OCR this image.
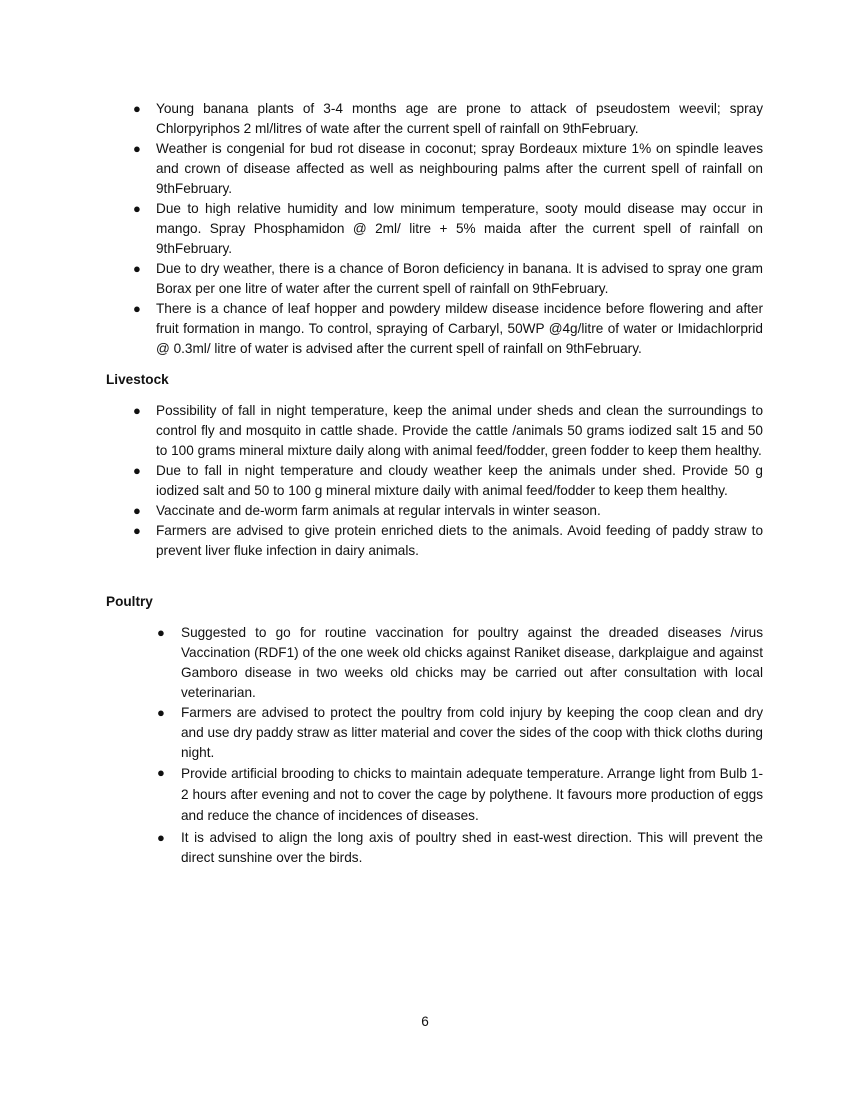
● Young banana plants of 3-4 months age are prone to attack of pseudostem weevil; spray Chlorpyriphos 2 ml/litres of wate after the current spell of rainfall on 9thFebruary.
● Weather is congenial for bud rot disease in coconut; spray Bordeaux mixture 1% on spindle leaves and crown of disease affected as well as neighbouring palms after the current spell of rainfall on 9thFebruary.
● Due to high relative humidity and low minimum temperature, sooty mould disease may occur in mango. Spray Phosphamidon @ 2ml/ litre + 5% maida after the current spell of rainfall on 9thFebruary.
● Due to dry weather, there is a chance of Boron deficiency in banana. It is advised to spray one gram Borax per one litre of water after the current spell of rainfall on 9thFebruary.
● There is a chance of leaf hopper and powdery mildew disease incidence before flowering and after fruit formation in mango. To control, spraying of Carbaryl, 50WP @4g/litre of water or Imidachlorprid @ 0.3ml/ litre of water is advised after the current spell of rainfall on 9thFebruary.
Livestock
● Possibility of fall in night temperature, keep the animal under sheds and clean the surroundings to control fly and mosquito in cattle shade. Provide the cattle /animals 50 grams iodized salt 15 and 50 to 100 grams mineral mixture daily along with animal feed/fodder, green fodder to keep them healthy.
● Due to fall in night temperature and cloudy weather keep the animals under shed. Provide 50 g iodized salt and 50 to 100 g mineral mixture daily with animal feed/fodder to keep them healthy.
● Vaccinate and de-worm farm animals at regular intervals in winter season.
● Farmers are advised to give protein enriched diets to the animals. Avoid feeding of paddy straw to prevent liver fluke infection in dairy animals.
Poultry
● Suggested to go for routine vaccination for poultry against the dreaded diseases /virus Vaccination (RDF1) of the one week old chicks against Raniket disease, darkplaigue and against Gamboro disease in two weeks old chicks may be carried out after consultation with local veterinarian.
● Farmers are advised to protect the poultry from cold injury by keeping the coop clean and dry and use dry paddy straw as litter material and cover the sides of the coop with thick cloths during night.
● Provide artificial brooding to chicks to maintain adequate temperature. Arrange light from Bulb 1-2 hours after evening and not to cover the cage by polythene. It favours more production of eggs and reduce the chance of incidences of diseases.
● It is advised to align the long axis of poultry shed in east-west direction. This will prevent the direct sunshine over the birds.
6
